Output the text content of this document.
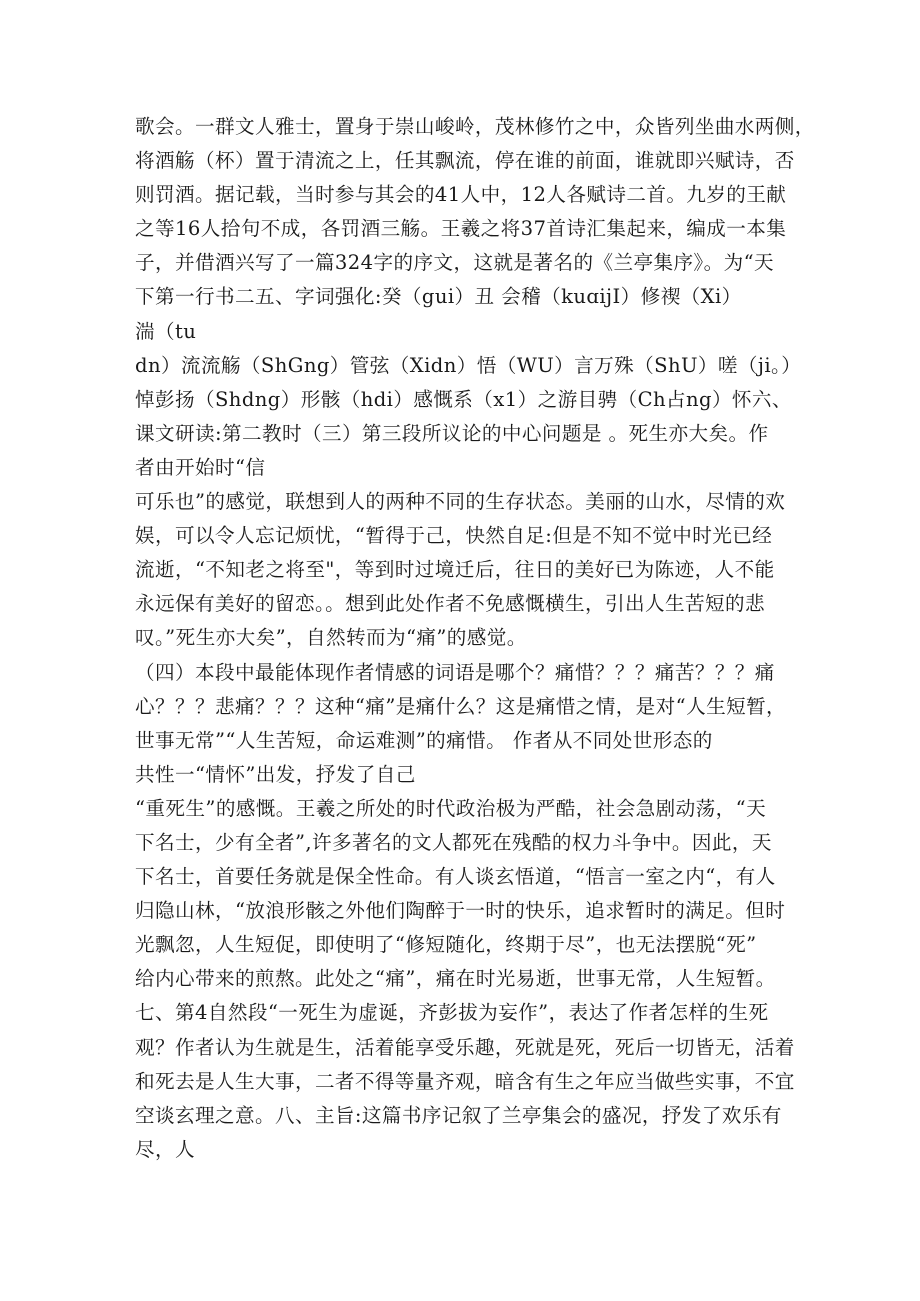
歌会。一群文人雅士，置身于崇山峻岭，茂林修竹之中，众皆列坐曲水两侧，
将酒觞（杯）置于清流之上，任其飘流，停在谁的前面，谁就即兴赋诗，否
则罚酒。据记载，当时参与其会的41人中，12人各赋诗二首。九岁的王献
之等16人拾句不成，各罚酒三觞。王羲之将37首诗汇集起来，编成一本集
子，并借酒兴写了一篇324字的序文，这就是著名的《兰亭集序》。为“天
下第一行书二五、字词强化:癸（gui）丑 会稽（kuɑijI）修禊（Xi）
湍（tu
dn）流流觞（ShGng）管弦（Xidn）悟（WU）言万殊（ShU）嗟（ji。）
悼彭扬（Shdng）形骸（hdi）感慨系（x1）之游目骋（Ch占ng）怀六、
课文研读:第二教时（三）第三段所议论的中心问题是 。死生亦大矣。作
者由开始时“信
可乐也”的感觉，联想到人的两种不同的生存状态。美丽的山水，尽情的欢
娱，可以令人忘记烦忧，“暂得于己，快然自足:但是不知不觉中时光已经
流逝，“不知老之将至"，等到时过境迁后，往日的美好已为陈迹，人不能
永远保有美好的留恋。。想到此处作者不免感慨横生，引出人生苦短的悲
叹。”死生亦大矣”，自然转而为“痛”的感觉。
（四）本段中最能体现作者情感的词语是哪个？痛惜？？？痛苦？？？痛
心？？？悲痛？？？这种“痛”是痛什么？这是痛惜之情，是对“人生短暂，
世事无常”“人生苦短，命运难测”的痛惜。 作者从不同处世形态的
共性一“情怀”出发，抒发了自己
“重死生”的感慨。王羲之所处的时代政治极为严酷，社会急剧动荡，“天
下名士，少有全者”,许多著名的文人都死在残酷的权力斗争中。因此，天
下名士，首要任务就是保全性命。有人谈玄悟道，“悟言一室之内“，有人
归隐山林，“放浪形骸之外他们陶醉于一时的快乐，追求暂时的满足。但时
光飘忽，人生短促，即使明了“修短随化，终期于尽”，也无法摆脱“死”
给内心带来的煎熬。此处之“痛”，痛在时光易逝，世事无常，人生短暂。
七、第4自然段“一死生为虚诞，齐彭拔为妄作”，表达了作者怎样的生死
观？作者认为生就是生，活着能享受乐趣，死就是死，死后一切皆无，活着
和死去是人生大事，二者不得等量齐观，暗含有生之年应当做些实事，不宜
空谈玄理之意。八、主旨:这篇书序记叙了兰亭集会的盛况，抒发了欢乐有
尽，人
